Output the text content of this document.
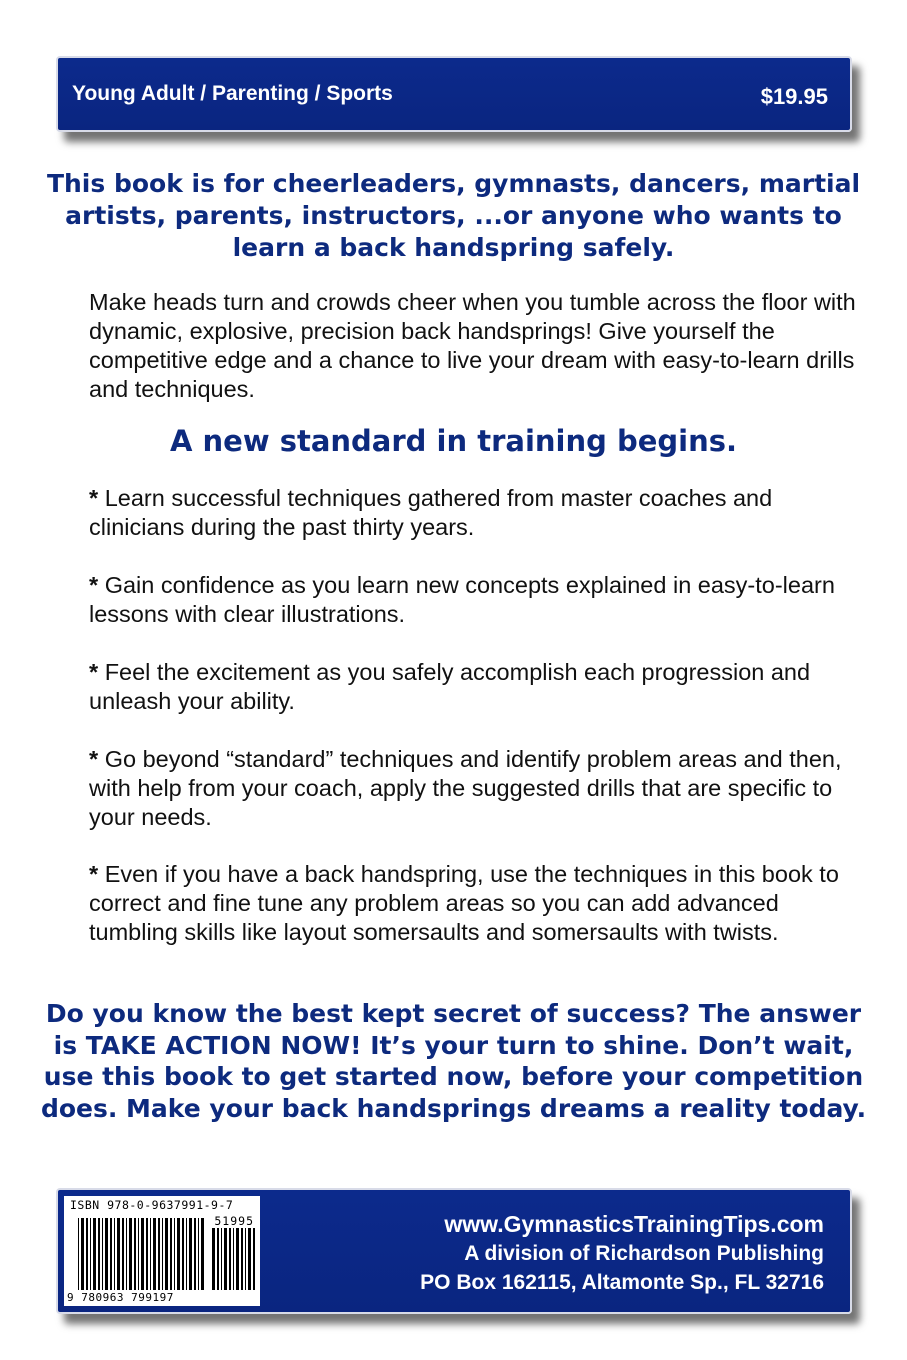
Young Adult / Parenting / Sports	$19.95
This book is for cheerleaders, gymnasts, dancers, martial artists, parents, instructors, ...or anyone who wants to learn a back handspring safely.
Make heads turn and crowds cheer when you tumble across the floor with dynamic, explosive, precision back handsprings! Give yourself the competitive edge and a chance to live your dream with easy-to-learn drills and techniques.
A new standard in training begins.
* Learn successful techniques gathered from master coaches and clinicians during the past thirty years.
* Gain confidence as you learn new concepts explained in easy-to-learn lessons with clear illustrations.
* Feel the excitement as you safely accomplish each progression and unleash your ability.
* Go beyond “standard” techniques and identify problem areas and then, with help from your coach, apply the suggested drills that are specific to your needs.
* Even if you have a back handspring, use the techniques in this book to correct and fine tune any problem areas so you can add advanced tumbling skills like layout somersaults and somersaults with twists.
Do you know the best kept secret of success? The answer is TAKE ACTION NOW! It’s your turn to shine. Don’t wait, use this book to get started now, before your competition does. Make your back handsprings dreams a reality today.
ISBN 978-0-9637991-9-7
51995
9 780963 799197
www.GymnasticsTrainingTips.com
A division of Richardson Publishing
PO Box 162115, Altamonte Sp., FL 32716
